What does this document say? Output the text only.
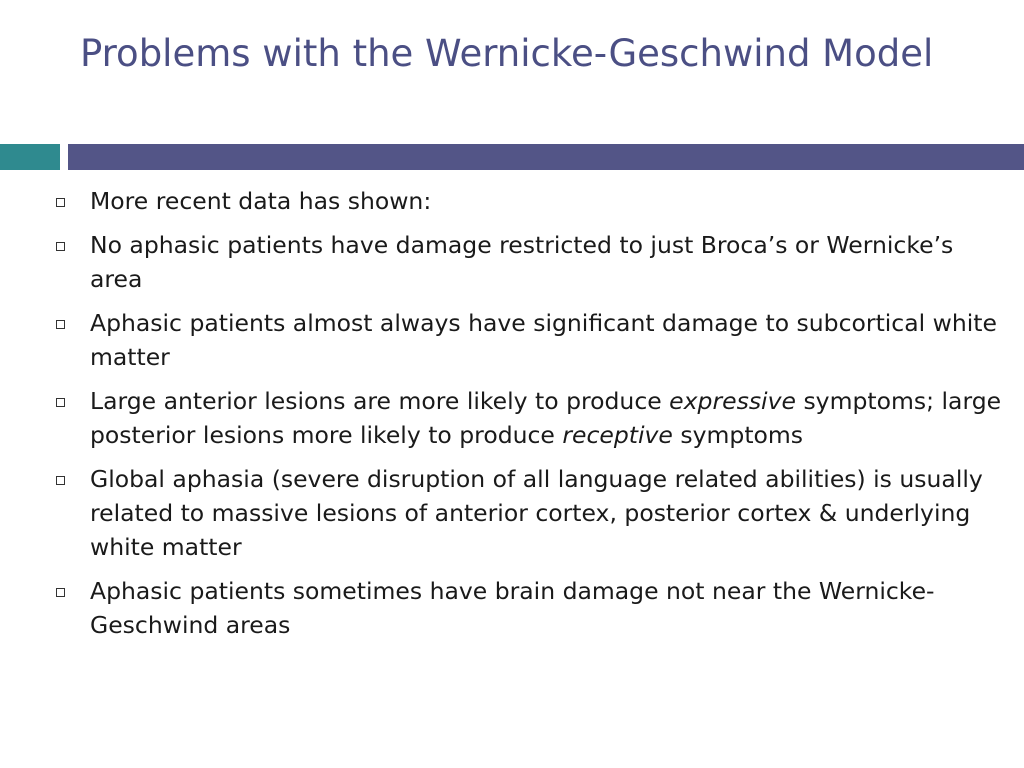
Problems with the Wernicke-Geschwind Model
More recent data has shown:
No aphasic patients have damage restricted to just Broca’s or Wernicke’s area
Aphasic patients almost always have significant damage to subcortical white matter
Large anterior lesions are more likely to produce expressive symptoms; large posterior lesions more likely to produce receptive symptoms
Global aphasia (severe disruption of all language related abilities) is usually related to massive lesions of anterior cortex, posterior cortex & underlying white matter
Aphasic patients sometimes have brain damage not near the Wernicke-Geschwind areas
